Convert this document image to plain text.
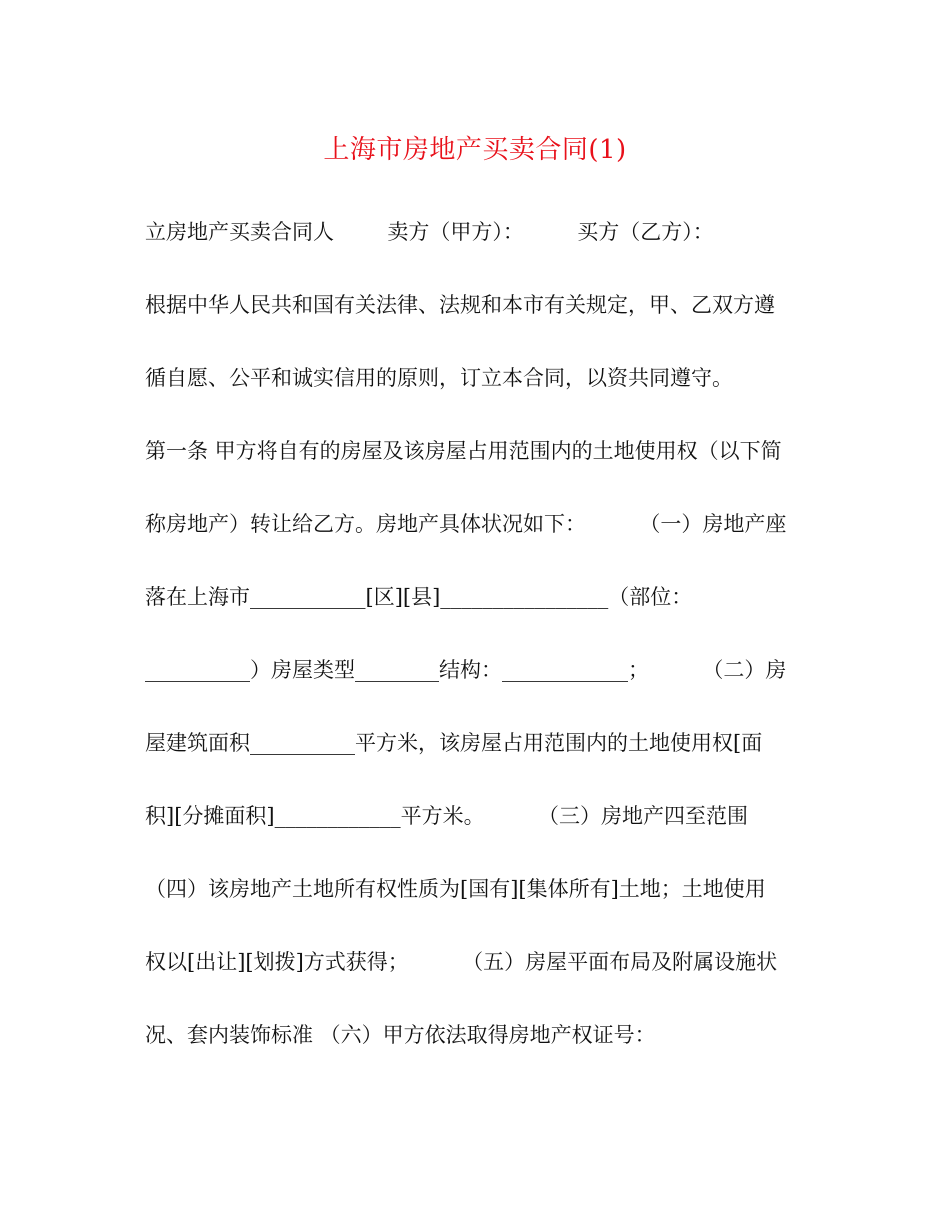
上海市房地产买卖合同(1)
立房地产买卖合同人        卖方（甲方）：        买方（乙方）：
根据中华人民共和国有关法律、法规和本市有关规定，甲、乙双方遵
循自愿、公平和诚实信用的原则，订立本合同，以资共同遵守。
第一条 甲方将自有的房屋及该房屋占用范围内的土地使用权（以下简
称房地产）转让给乙方。房地产具体状况如下：        （一）房地产座
落在上海市___________[区][县]________________（部位：
__________）房屋类型________结构：____________；        （二）房
屋建筑面积__________平方米，该房屋占用范围内的土地使用权[面
积][分摊面积]____________平方米。        （三）房地产四至范围
（四）该房地产土地所有权性质为[国有][集体所有]土地；土地使用
权以[出让][划拨]方式获得；        （五）房屋平面布局及附属设施状
况、套内装饰标准 （六）甲方依法取得房地产权证号：
